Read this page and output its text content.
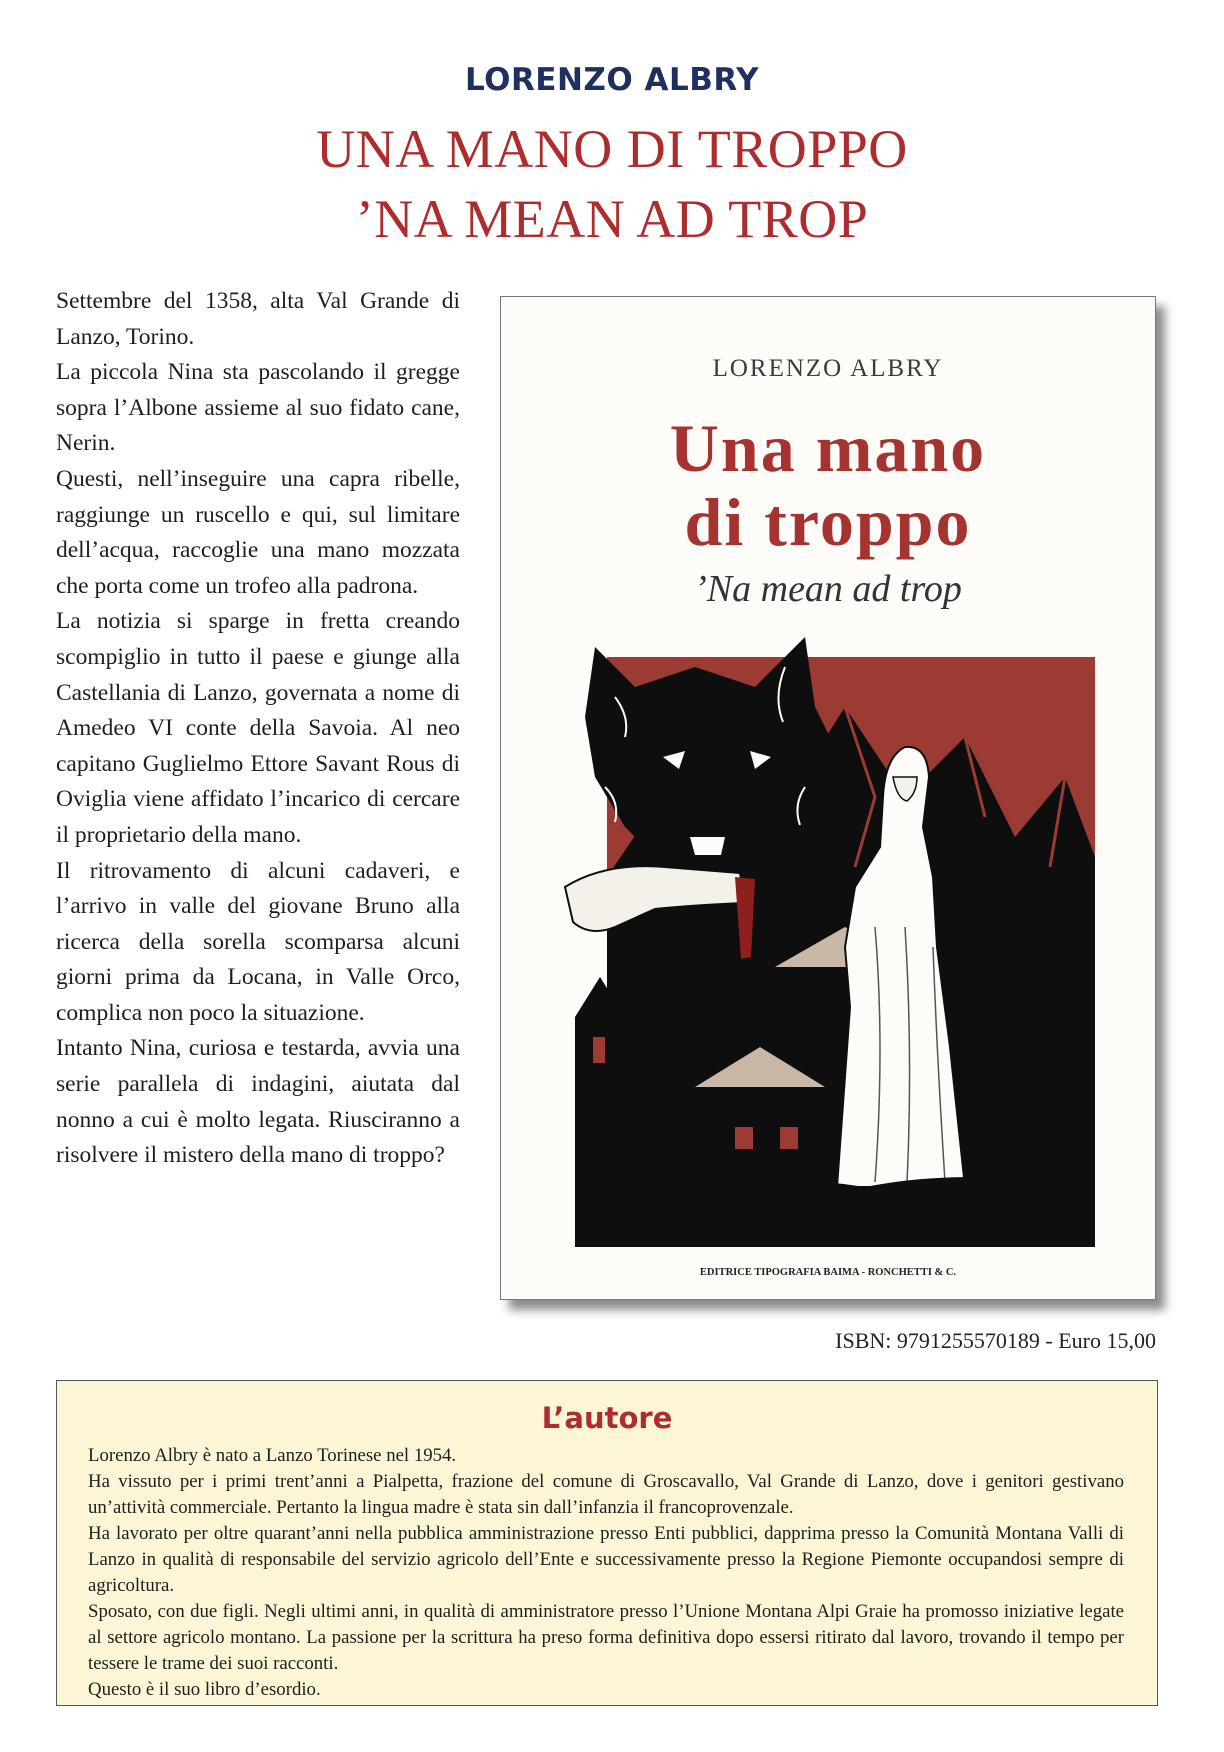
LORENZO ALBRY
UNA MANO DI TROPPO
’NA MEAN AD TROP

Settembre del 1358, alta Val Grande di Lanzo, Torino.

La piccola Nina sta pascolando il gregge sopra l’Albone assieme al suo fidato cane, Nerin.

Questi, nell’inseguire una capra ribelle, raggiunge un ruscello e qui, sul limitare dell’acqua, raccoglie una mano mozzata che porta come un trofeo alla padrona.

La notizia si sparge in fretta creando scompiglio in tutto il paese e giunge alla Castellania di Lanzo, governata a nome di Amedeo VI conte della Savoia. Al neo capitano Guglielmo Ettore Savant Rous di Oviglia viene affidato l’incarico di cercare il proprietario della mano.

Il ritrovamento di alcuni cadaveri, e l’arrivo in valle del giovane Bruno alla ricerca della sorella scomparsa alcuni giorni prima da Locana, in Valle Orco, complica non poco la situazione.

Intanto Nina, curiosa e testarda, avvia una serie parallela di indagini, aiutata dal nonno a cui è molto legata. Riusciranno a risolvere il mistero della mano di troppo?

LORENZO ALBRY
Una mano
di troppo
’Na mean ad trop
EDITRICE TIPOGRAFIA BAIMA - RONCHETTI & C.
ISBN: 9791255570189 - Euro 15,00
L’autore

Lorenzo Albry è nato a Lanzo Torinese nel 1954.

Ha vissuto per i primi trent’anni a Pialpetta, frazione del comune di Groscavallo, Val Grande di Lanzo, dove i genitori gestivano un’attività commerciale. Pertanto la lingua madre è stata sin dall’infanzia il francoprovenzale.

Ha lavorato per oltre quarant’anni nella pubblica amministrazione presso Enti pubblici, dapprima presso la Comunità Montana Valli di Lanzo in qualità di responsabile del servizio agricolo dell’Ente e successivamente presso la Regione Piemonte occupandosi sempre di agricoltura.

Sposato, con due figli. Negli ultimi anni, in qualità di amministratore presso l’Unione Montana Alpi Graie ha promosso iniziative legate al settore agricolo montano. La passione per la scrittura ha preso forma definitiva dopo essersi ritirato dal lavoro, trovando il tempo per tessere le trame dei suoi racconti.

Questo è il suo libro d’esordio.
